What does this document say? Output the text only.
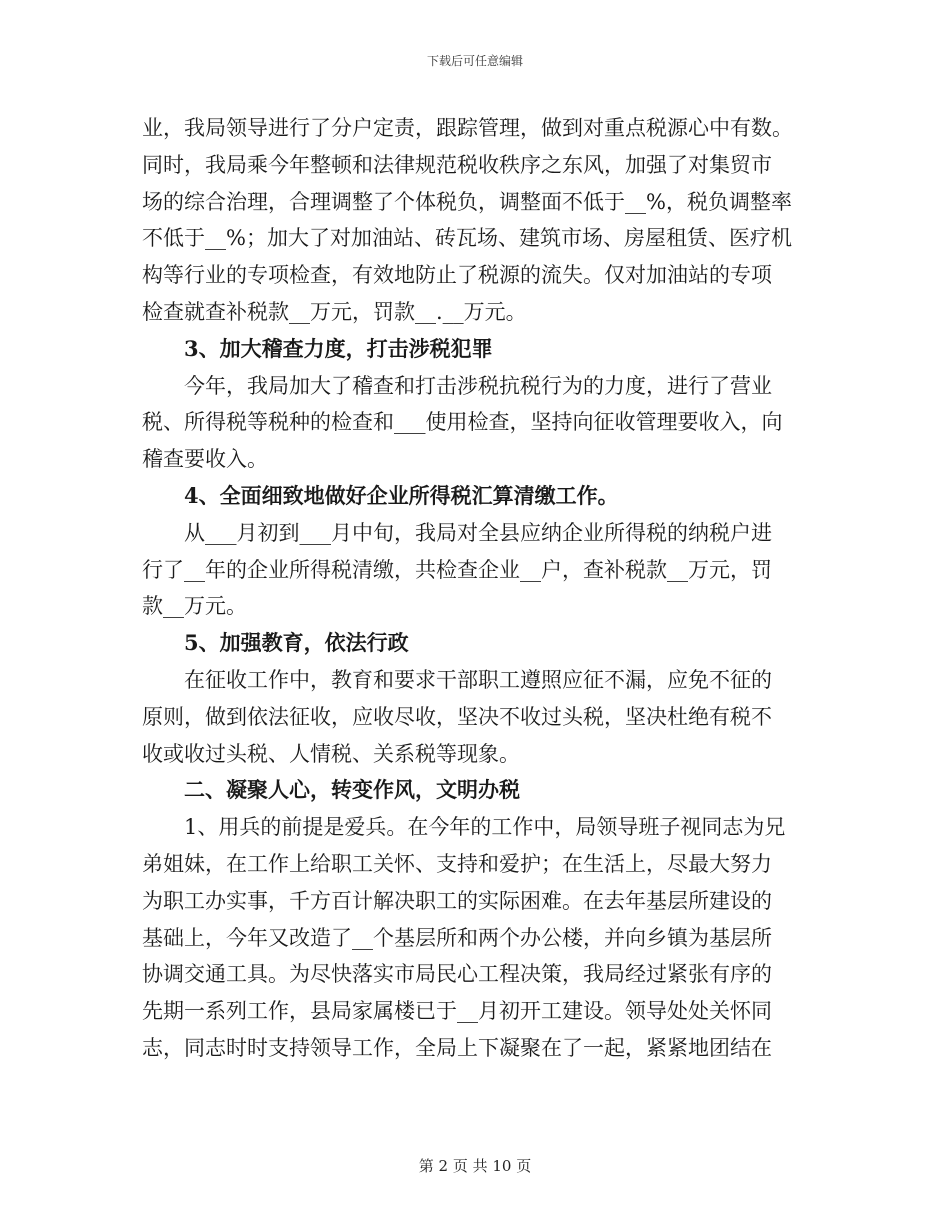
下载后可任意编辑

业，我局领导进行了分户定责，跟踪管理，做到对重点税源心中有数。

同时，我局乘今年整顿和法律规范税收秩序之东风，加强了对集贸市

场的综合治理，合理调整了个体税负，调整面不低于__%，税负调整率

不低于__%；加大了对加油站、砖瓦场、建筑市场、房屋租赁、医疗机

构等行业的专项检查，有效地防止了税源的流失。仅对加油站的专项

检查就查补税款__万元，罚款__.__万元。

3、加大稽查力度，打击涉税犯罪

今年，我局加大了稽查和打击涉税抗税行为的力度，进行了营业

税、所得税等税种的检查和___使用检查，坚持向征收管理要收入，向

稽查要收入。

4、全面细致地做好企业所得税汇算清缴工作。

从___月初到___月中旬，我局对全县应纳企业所得税的纳税户进

行了__年的企业所得税清缴，共检查企业__户，查补税款__万元，罚

款__万元。

5、加强教育，依法行政

在征收工作中，教育和要求干部职工遵照应征不漏，应免不征的

原则，做到依法征收，应收尽收，坚决不收过头税，坚决杜绝有税不

收或收过头税、人情税、关系税等现象。

二、凝聚人心，转变作风，文明办税

1、用兵的前提是爱兵。在今年的工作中，局领导班子视同志为兄

弟姐妹，在工作上给职工关怀、支持和爱护；在生活上，尽最大努力

为职工办实事，千方百计解决职工的实际困难。在去年基层所建设的

基础上，今年又改造了__个基层所和两个办公楼，并向乡镇为基层所

协调交通工具。为尽快落实市局民心工程决策，我局经过紧张有序的

先期一系列工作，县局家属楼已于__月初开工建设。领导处处关怀同

志，同志时时支持领导工作，全局上下凝聚在了一起，紧紧地团结在

第 2 页 共 10 页
